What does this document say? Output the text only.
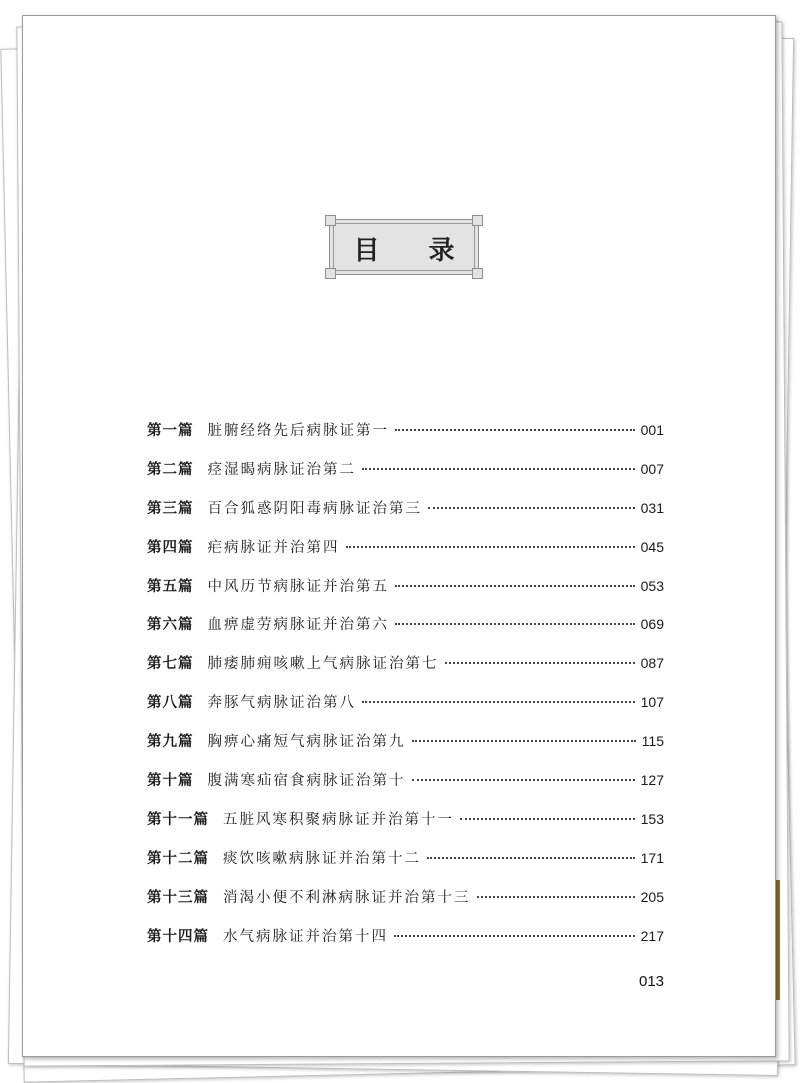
目 录
第一篇 脏腑经络先后病脉证第一	001
第二篇 痉湿暍病脉证治第二	007
第三篇 百合狐惑阴阳毒病脉证治第三	031
第四篇 疟病脉证并治第四	045
第五篇 中风历节病脉证并治第五	053
第六篇 血痹虚劳病脉证并治第六	069
第七篇 肺痿肺痈咳嗽上气病脉证治第七	087
第八篇 奔豚气病脉证治第八	107
第九篇 胸痹心痛短气病脉证治第九	115
第十篇 腹满寒疝宿食病脉证治第十	127
第十一篇 五脏风寒积聚病脉证并治第十一	153
第十二篇 痰饮咳嗽病脉证并治第十二	171
第十三篇 消渴小便不利淋病脉证并治第十三	205
第十四篇 水气病脉证并治第十四	217
013
